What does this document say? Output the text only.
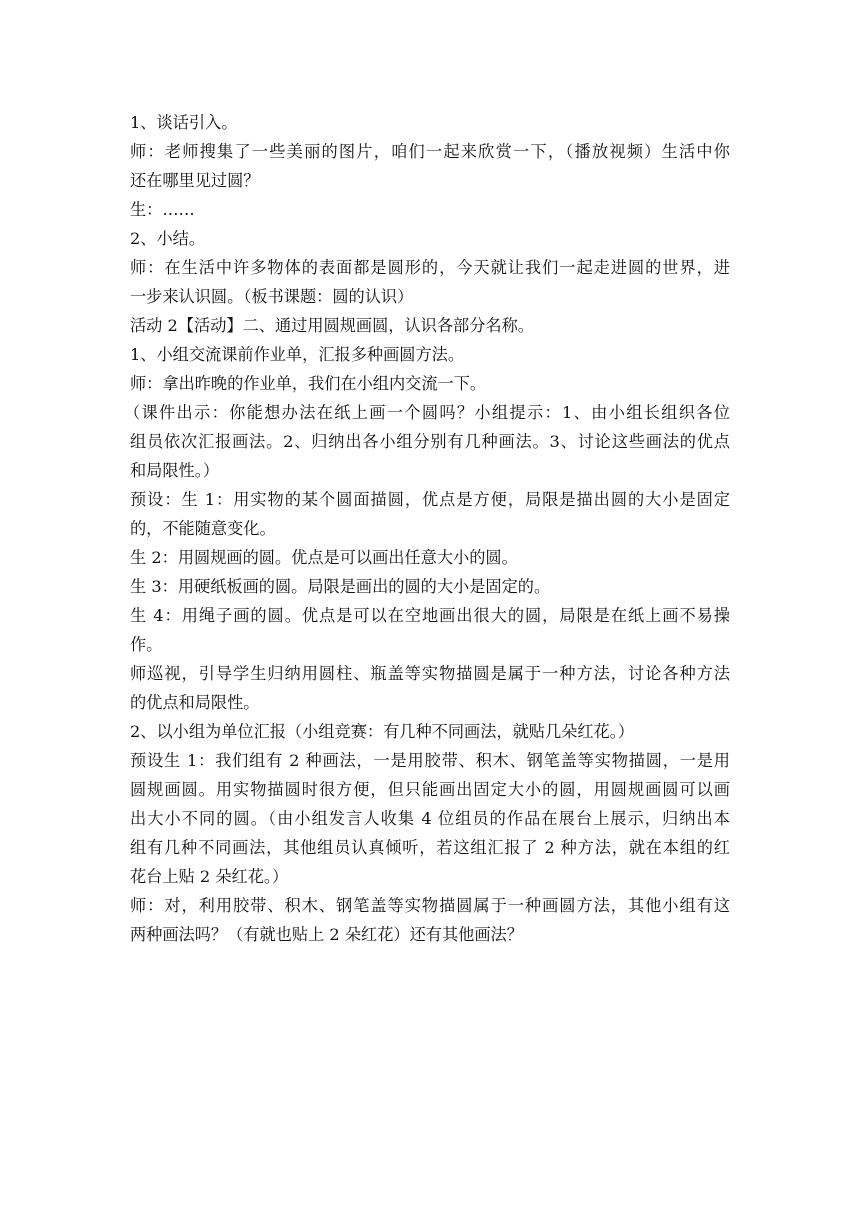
1、谈话引入。
师：老师搜集了一些美丽的图片，咱们一起来欣赏一下，（播放视频）生活中你
还在哪里见过圆？
生：……
2、小结。
师：在生活中许多物体的表面都是圆形的，今天就让我们一起走进圆的世界，进
一步来认识圆。（板书课题：圆的认识）
活动 2【活动】二、通过用圆规画圆，认识各部分名称。
1、小组交流课前作业单，汇报多种画圆方法。
师：拿出昨晚的作业单，我们在小组内交流一下。
（课件出示：你能想办法在纸上画一个圆吗？小组提示：1、由小组长组织各位
组员依次汇报画法。2、归纳出各小组分别有几种画法。3、讨论这些画法的优点
和局限性。）
预设：生 1：用实物的某个圆面描圆，优点是方便，局限是描出圆的大小是固定
的，不能随意变化。
生 2：用圆规画的圆。优点是可以画出任意大小的圆。
生 3：用硬纸板画的圆。局限是画出的圆的大小是固定的。
生 4：用绳子画的圆。优点是可以在空地画出很大的圆，局限是在纸上画不易操
作。
师巡视，引导学生归纳用圆柱、瓶盖等实物描圆是属于一种方法，讨论各种方法
的优点和局限性。
2、以小组为单位汇报（小组竞赛：有几种不同画法，就贴几朵红花。）
预设生 1：我们组有 2 种画法，一是用胶带、积木、钢笔盖等实物描圆，一是用
圆规画圆。用实物描圆时很方便，但只能画出固定大小的圆，用圆规画圆可以画
出大小不同的圆。（由小组发言人收集 4 位组员的作品在展台上展示，归纳出本
组有几种不同画法，其他组员认真倾听，若这组汇报了 2 种方法，就在本组的红
花台上贴 2 朵红花。）
师：对，利用胶带、积木、钢笔盖等实物描圆属于一种画圆方法，其他小组有这
两种画法吗？（有就也贴上 2 朵红花）还有其他画法？
